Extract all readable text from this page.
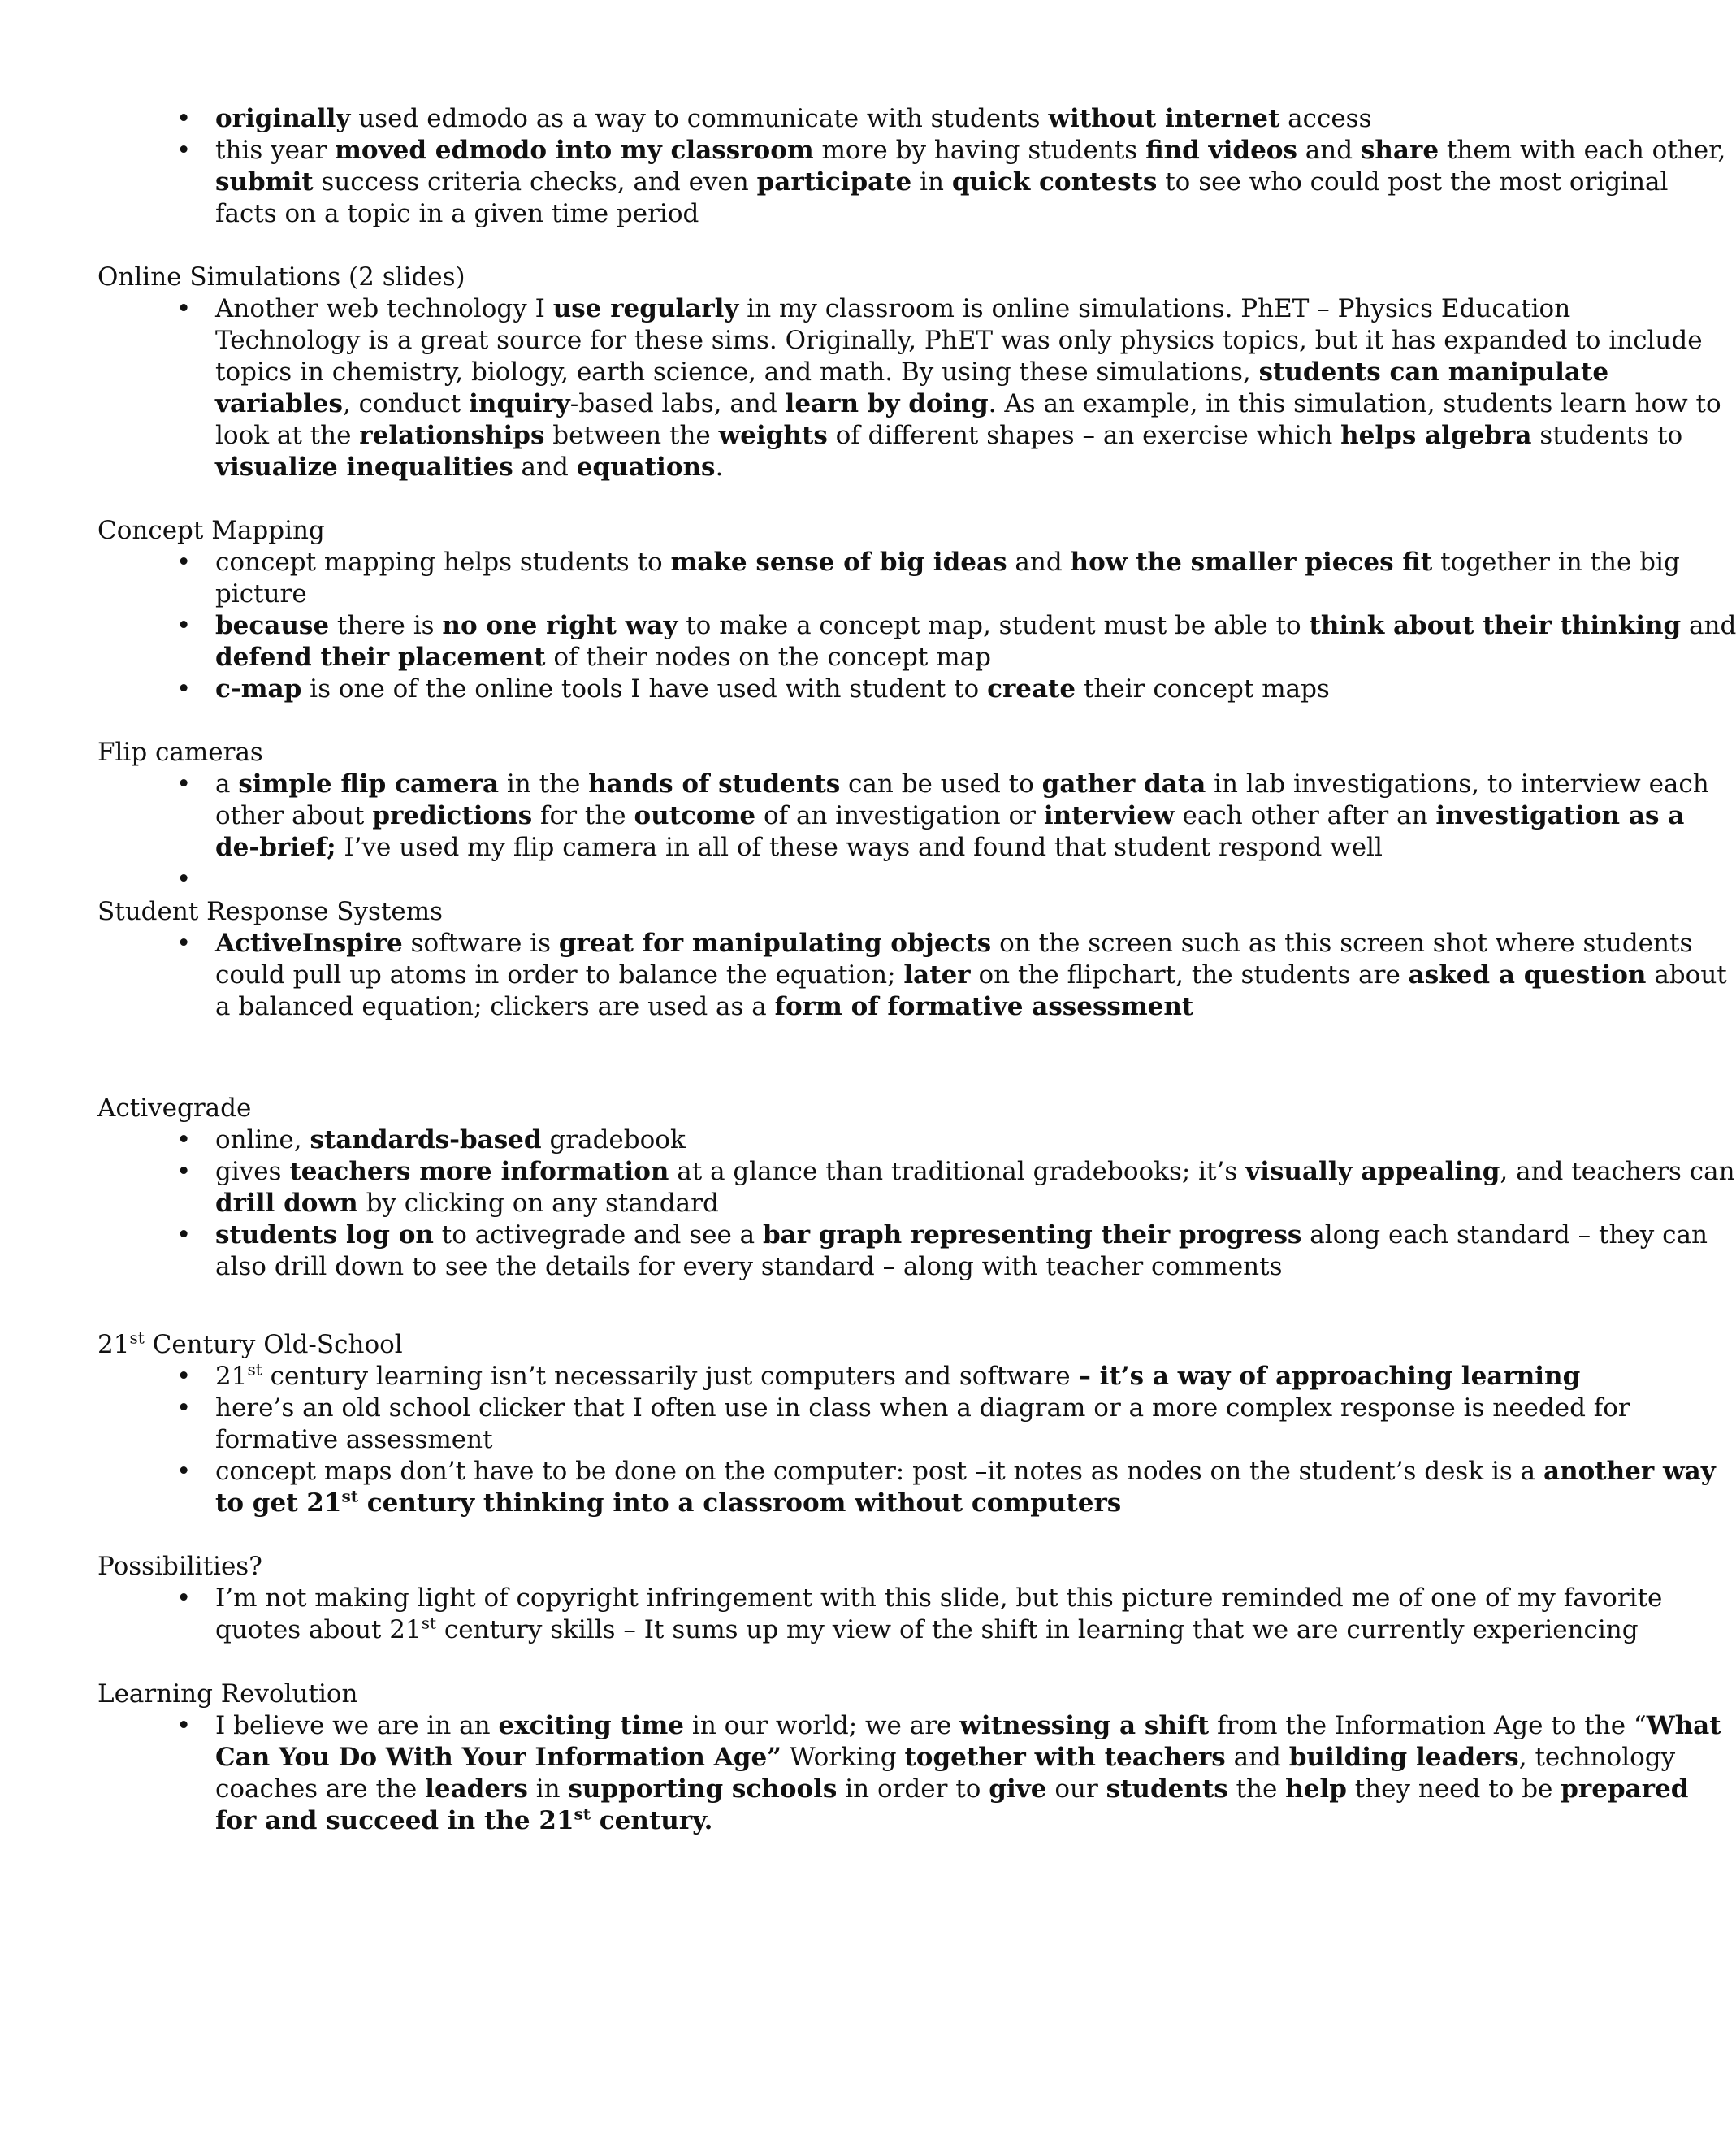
• originally used edmodo as a way to communicate with students without internet access
• this year moved edmodo into my classroom more by having students find videos and share them with each other,
submit success criteria checks, and even participate in quick contests to see who could post the most original
facts on a topic in a given time period
Online Simulations (2 slides)
• Another web technology I use regularly in my classroom is online simulations. PhET – Physics Education
Technology is a great source for these sims. Originally, PhET was only physics topics, but it has expanded to include
topics in chemistry, biology, earth science, and math. By using these simulations, students can manipulate
variables, conduct inquiry-based labs, and learn by doing. As an example, in this simulation, students learn how to
look at the relationships between the weights of different shapes – an exercise which helps algebra students to
visualize inequalities and equations.
Concept Mapping
• concept mapping helps students to make sense of big ideas and how the smaller pieces fit together in the big
picture
• because there is no one right way to make a concept map, student must be able to think about their thinking and
defend their placement of their nodes on the concept map
• c-map is one of the online tools I have used with student to create their concept maps
Flip cameras
• a simple flip camera in the hands of students can be used to gather data in lab investigations, to interview each
other about predictions for the outcome of an investigation or interview each other after an investigation as a
de-brief; I’ve used my flip camera in all of these ways and found that student respond well
•
Student Response Systems
• ActiveInspire software is great for manipulating objects on the screen such as this screen shot where students
could pull up atoms in order to balance the equation; later on the flipchart, the students are asked a question about
a balanced equation; clickers are used as a form of formative assessment
Activegrade
• online, standards-based gradebook
• gives teachers more information at a glance than traditional gradebooks; it’s visually appealing, and teachers can
drill down by clicking on any standard
• students log on to activegrade and see a bar graph representing their progress along each standard – they can
also drill down to see the details for every standard – along with teacher comments
21st Century Old-School
• 21st century learning isn’t necessarily just computers and software – it’s a way of approaching learning
• here’s an old school clicker that I often use in class when a diagram or a more complex response is needed for
formative assessment
• concept maps don’t have to be done on the computer: post –it notes as nodes on the student’s desk is a another way
to get 21st century thinking into a classroom without computers
Possibilities?
• I’m not making light of copyright infringement with this slide, but this picture reminded me of one of my favorite
quotes about 21st century skills – It sums up my view of the shift in learning that we are currently experiencing
Learning Revolution
• I believe we are in an exciting time in our world; we are witnessing a shift from the Information Age to the “What
Can You Do With Your Information Age” Working together with teachers and building leaders, technology
coaches are the leaders in supporting schools in order to give our students the help they need to be prepared
for and succeed in the 21st century.
